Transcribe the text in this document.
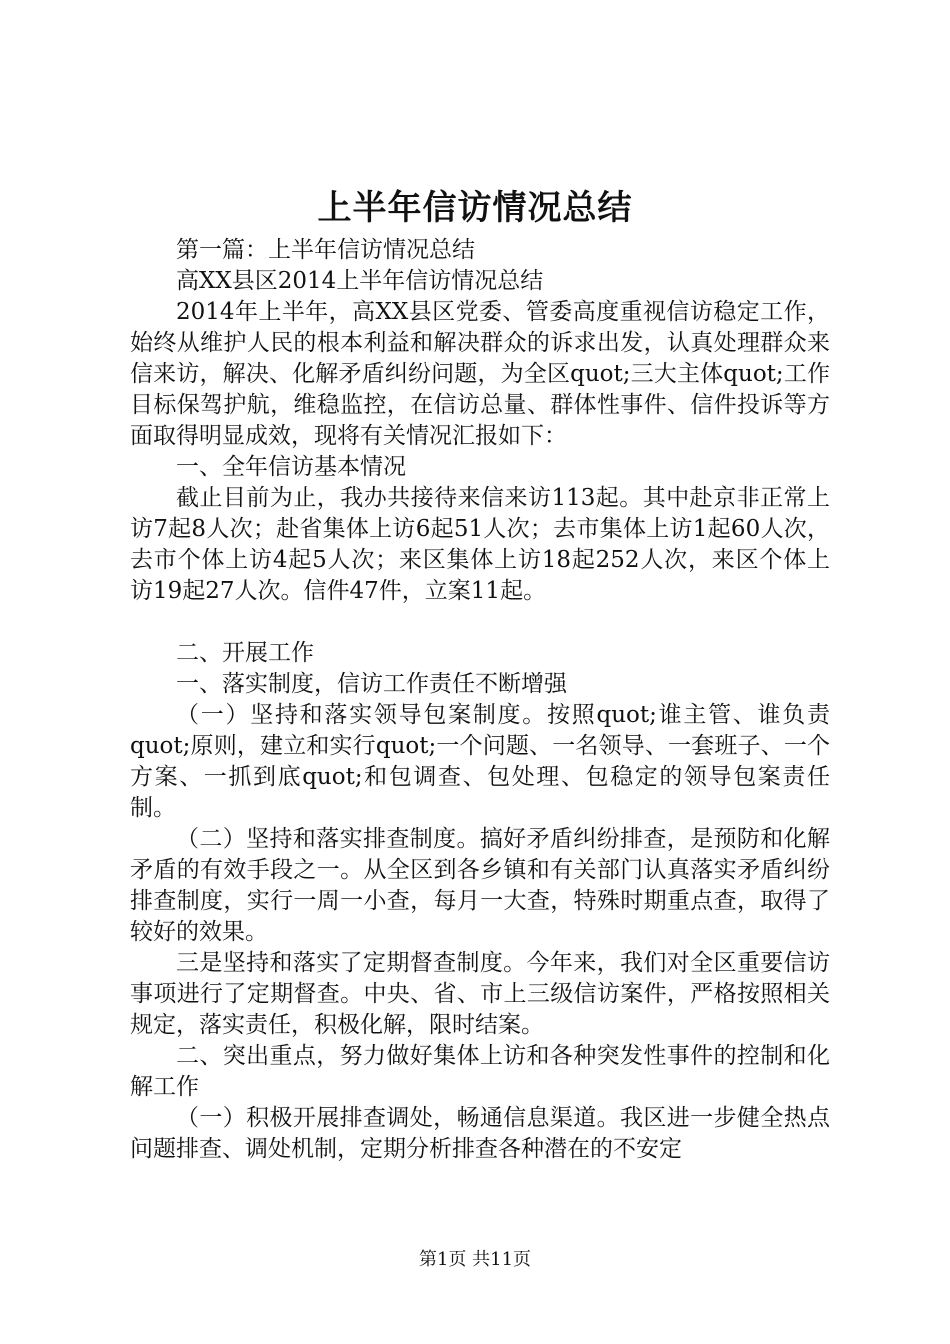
上半年信访情况总结

第一篇：上半年信访情况总结

高XX县区2014上半年信访情况总结

2014年上半年，高XX县区党委、管委高度重视信访稳定工作，始终从维护人民的根本利益和解决群众的诉求出发，认真处理群众来信来访，解决、化解矛盾纠纷问题，为全区quot;三大主体quot;工作目标保驾护航，维稳监控，在信访总量、群体性事件、信件投诉等方面取得明显成效，现将有关情况汇报如下：

一、全年信访基本情况

截止目前为止，我办共接待来信来访113起。其中赴京非正常上访7起8人次；赴省集体上访6起51人次；去市集体上访1起60人次，去市个体上访4起5人次；来区集体上访18起252人次，来区个体上访19起27人次。信件47件，立案11起。

二、开展工作

一、落实制度，信访工作责任不断增强

（一）坚持和落实领导包案制度。按照quot;谁主管、谁负责quot;原则，建立和实行quot;一个问题、一名领导、一套班子、一个方案、一抓到底quot;和包调查、包处理、包稳定的领导包案责任制。

（二）坚持和落实排查制度。搞好矛盾纠纷排查，是预防和化解矛盾的有效手段之一。从全区到各乡镇和有关部门认真落实矛盾纠纷排查制度，实行一周一小查，每月一大查，特殊时期重点查，取得了较好的效果。

三是坚持和落实了定期督查制度。今年来，我们对全区重要信访事项进行了定期督查。中央、省、市上三级信访案件，严格按照相关规定，落实责任，积极化解，限时结案。

二、突出重点，努力做好集体上访和各种突发性事件的控制和化解工作

（一）积极开展排查调处，畅通信息渠道。我区进一步健全热点问题排查、调处机制，定期分析排查各种潜在的不安定

第1页 共11页
